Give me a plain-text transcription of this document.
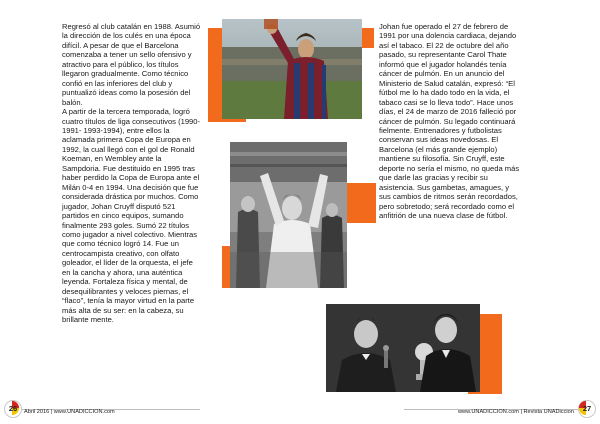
Regresó al club catalán en 1988. Asumió la dirección de los culés en una época difícil. A pesar de que el Barcelona comenzaba a tener un sello ofensivo y atractivo para el público, los títulos llegaron gradualmente. Como técnico confió en las inferiores del club y puntualizó ideas como la posesión del balón.

A partir de la tercera temporada, logró cuatro títulos de liga consecutivos (1990-1991- 1993-1994), entre ellos la aclamada primera Copa de Europa en 1992, la cual llegó con el gol de Ronald Koeman, en Wembley ante la Sampdoria. Fue destituido en 1995 tras haber perdido la Copa de Europa ante el Milán 0-4 en 1994. Una decisión que fue considerada drástica por muchos. Como jugador, Johan Cruyff disputó 521 partidos en cinco equipos, sumando finalmente 293 goles. Sumó 22 títulos como jugador a nivel colectivo. Mientras que como técnico logró 14. Fue un centrocampista creativo, con olfato goleador, el líder de la orquesta, el jefe en la cancha y ahora, una auténtica leyenda. Fortaleza física y mental, de desequilibrantes y veloces piernas, el “flaco”, tenía la mayor virtud en la parte más alta de su ser: en la cabeza, su brillante mente.

Johan fue operado el 27 de febrero de 1991 por una dolencia cardiaca, dejando así el tabaco. El 22 de octubre del año pasado, su representante Carol Thate informó que el jugador holandés tenía cáncer de pulmón. En un anuncio del Ministerio de Salud catalán, expresó: “El fútbol me lo ha dado todo en la vida, el tabaco casi se lo lleva todo”. Hace unos días, el 24 de marzo de 2016 falleció por cáncer de pulmón. Su legado continuará fielmente. Entrenadores y futbolistas conservan sus ideas novedosas. El Barcelona (el más grande ejemplo) mantiene su filosofía. Sin Cruyff, este deporte no sería el mismo, no queda más que darle las gracias y recibir su asistencia. Sus gambetas, amagues, y sus cambios de ritmos serán recordados, pero sobretodo; será recordado como el anfitrión de una nueva clase de fútbol.

26	Abril 2016 | www.UNADICCION.com	www.UNADICCION.com | Revista UNADiccion	27
